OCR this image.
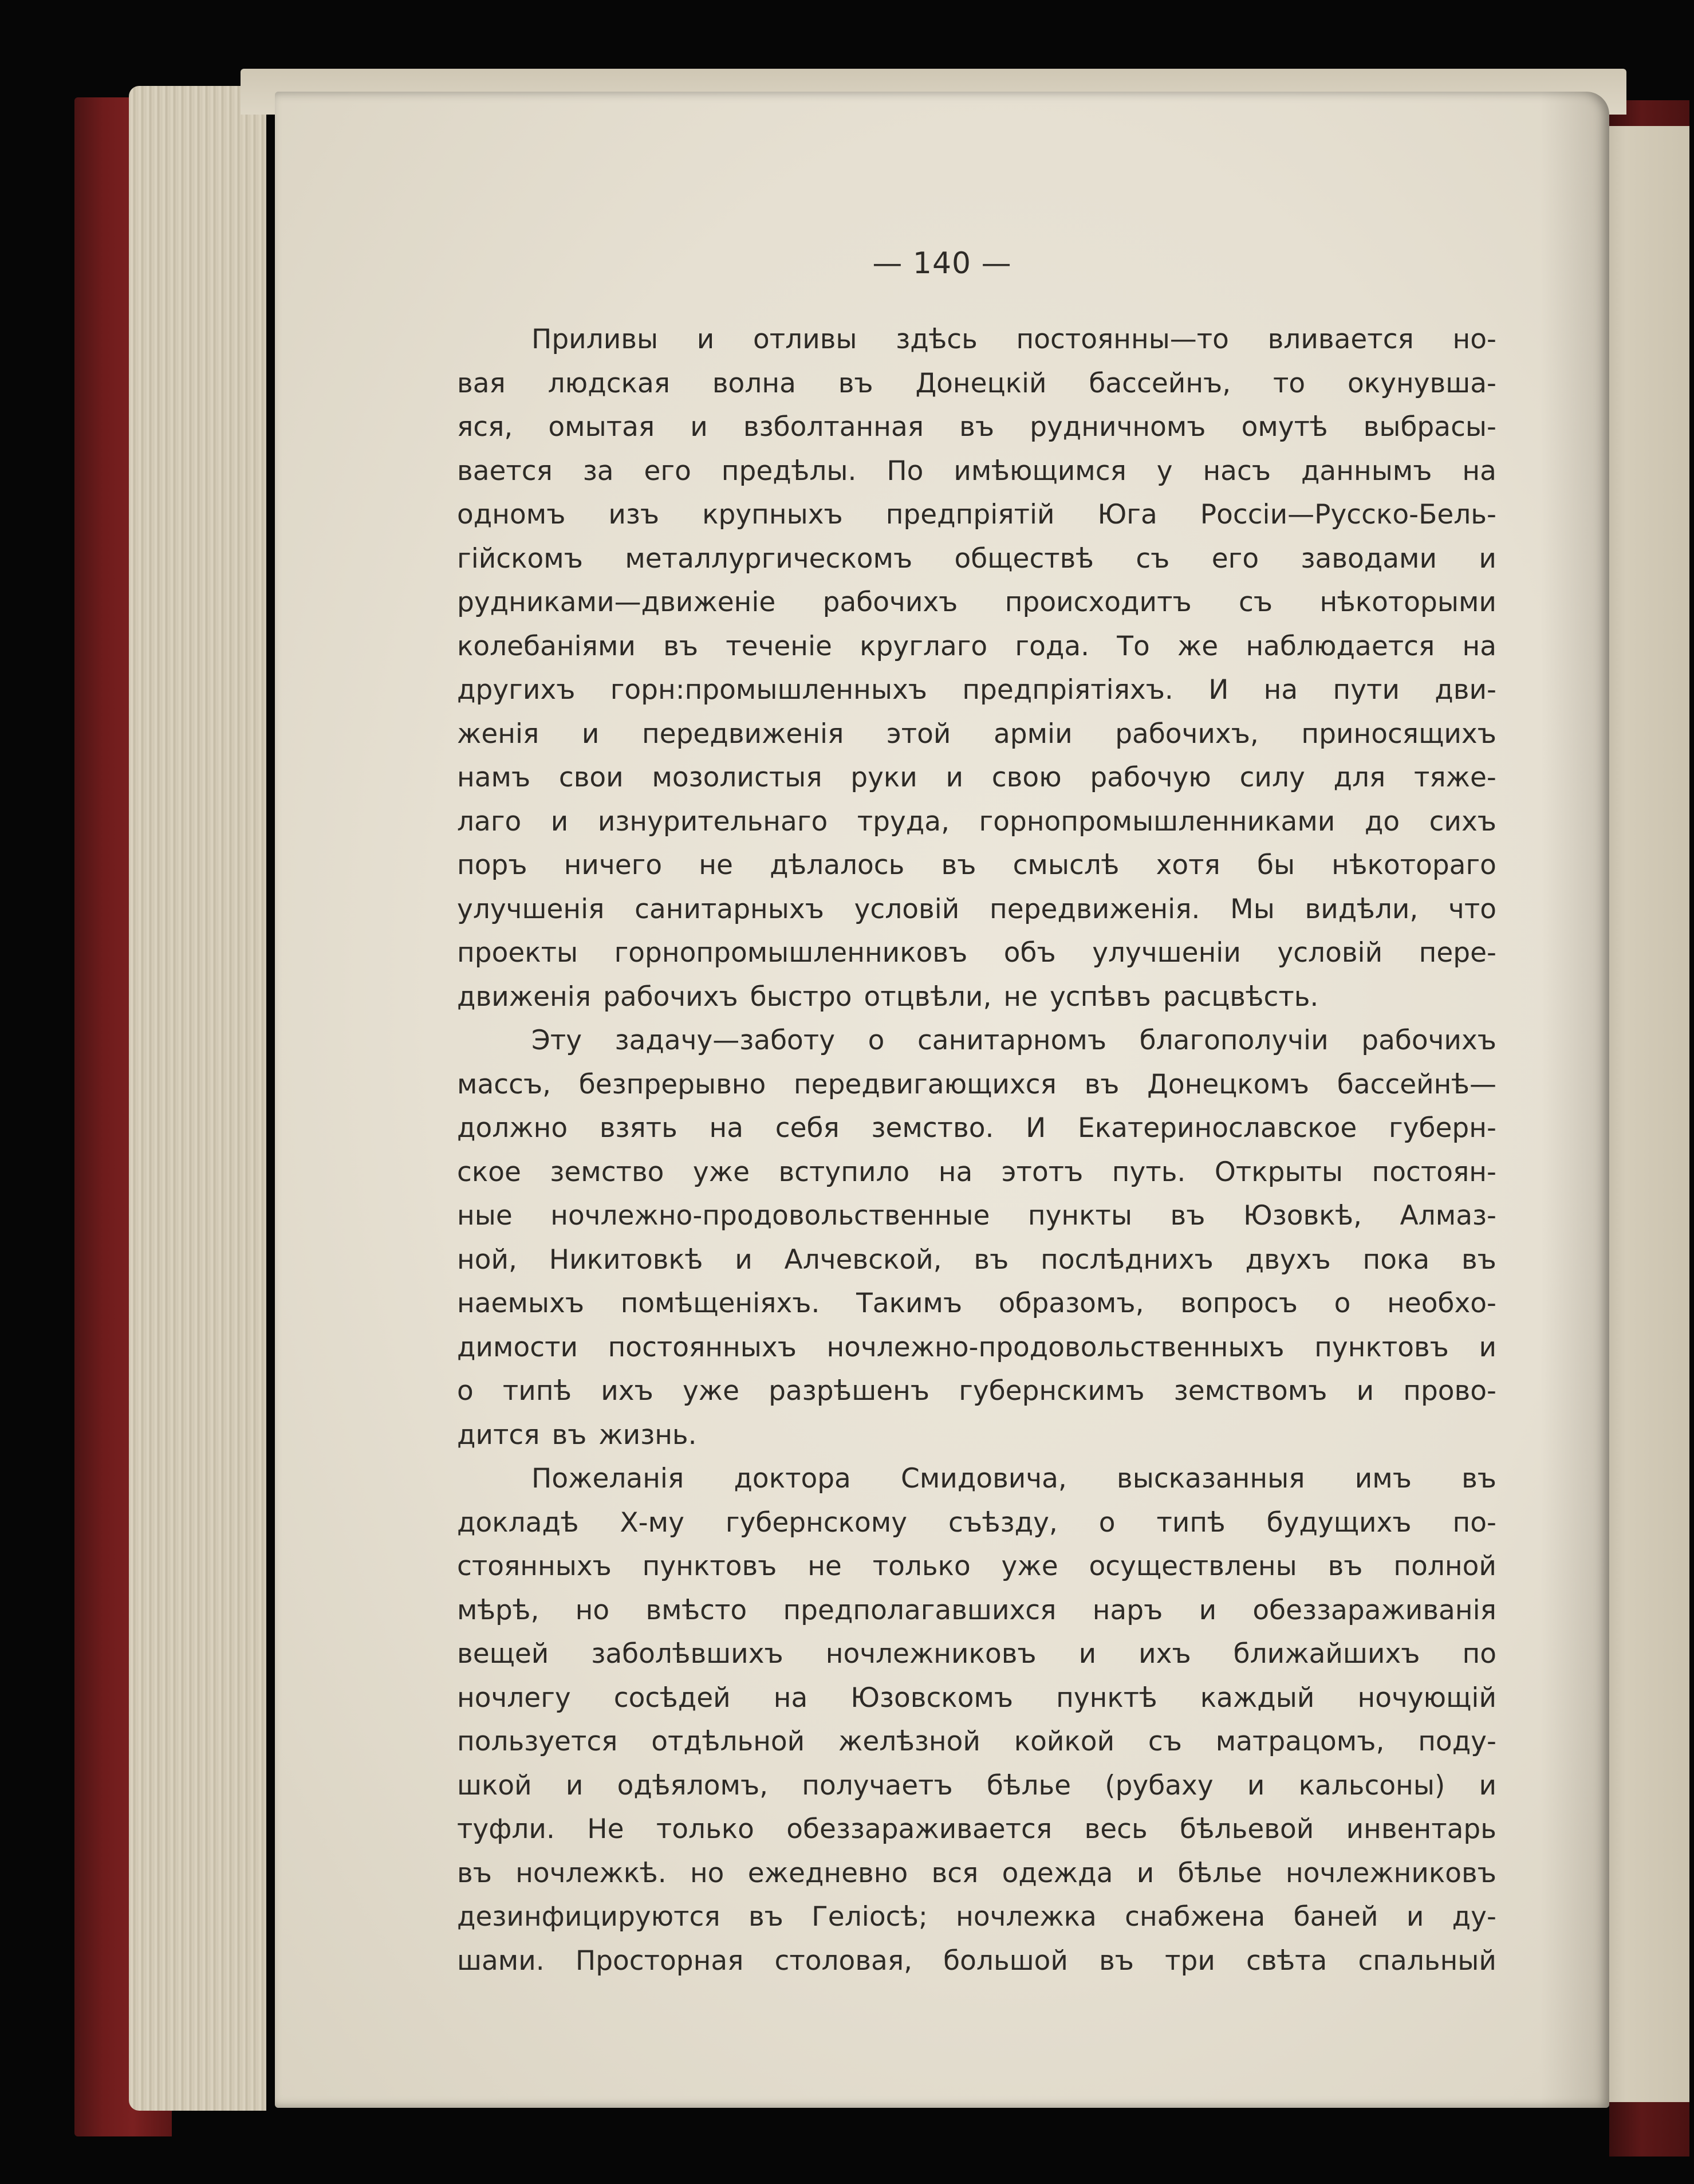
— 140 —
Приливы и отливы здѣсь постоянны—то вливается но-
вая людская волна въ Донецкій бассейнъ, то окунувша-
яся, омытая и взболтанная въ рудничномъ омутѣ выбрасы-
вается за его предѣлы. По имѣющимся у насъ даннымъ на
одномъ изъ крупныхъ предпріятій Юга Россіи—Русско-Бель-
гійскомъ металлургическомъ обществѣ съ его заводами и
рудниками—движеніе рабочихъ происходитъ съ нѣкоторыми
колебаніями въ теченіе круглаго года. То же наблюдается на
другихъ горн:промышленныхъ предпріятіяхъ. И на пути дви-
женія и передвиженія этой арміи рабочихъ, приносящихъ
намъ свои мозолистыя руки и свою рабочую силу для тяже-
лаго и изнурительнаго труда, горнопромышленниками до сихъ
поръ ничего не дѣлалось въ смыслѣ хотя бы нѣкотораго
улучшенія санитарныхъ условій передвиженія. Мы видѣли, что
проекты горнопромышленниковъ объ улучшеніи условій пере-
движенія рабочихъ быстро отцвѣли, не успѣвъ расцвѣсть.
Эту задачу—заботу о санитарномъ благополучіи рабочихъ
массъ, безпрерывно передвигающихся въ Донецкомъ бассейнѣ—
должно взять на себя земство. И Екатеринославское губерн-
ское земство уже вступило на этотъ путь. Открыты постоян-
ные ночлежно-продовольственные пункты въ Юзовкѣ, Алмаз-
ной, Никитовкѣ и Алчевской, въ послѣднихъ двухъ пока въ
наемыхъ помѣщеніяхъ. Такимъ образомъ, вопросъ о необхо-
димости постоянныхъ ночлежно-продовольственныхъ пунктовъ и
о типѣ ихъ уже разрѣшенъ губернскимъ земствомъ и прово-
дится въ жизнь.
Пожеланія доктора Смидовича, высказанныя имъ въ
докладѣ Х-му губернскому съѣзду, о типѣ будущихъ по-
стоянныхъ пунктовъ не только уже осуществлены въ полной
мѣрѣ, но вмѣсто предполагавшихся наръ и обеззараживанія
вещей заболѣвшихъ ночлежниковъ и ихъ ближайшихъ по
ночлегу сосѣдей на Юзовскомъ пунктѣ каждый ночующій
пользуется отдѣльной желѣзной койкой съ матрацомъ, поду-
шкой и одѣяломъ, получаетъ бѣлье (рубаху и кальсоны) и
туфли. Не только обеззараживается весь бѣльевой инвентарь
въ ночлежкѣ. но ежедневно вся одежда и бѣлье ночлежниковъ
дезинфицируются въ Геліосѣ; ночлежка снабжена баней и ду-
шами. Просторная столовая, большой въ три свѣта спальный
